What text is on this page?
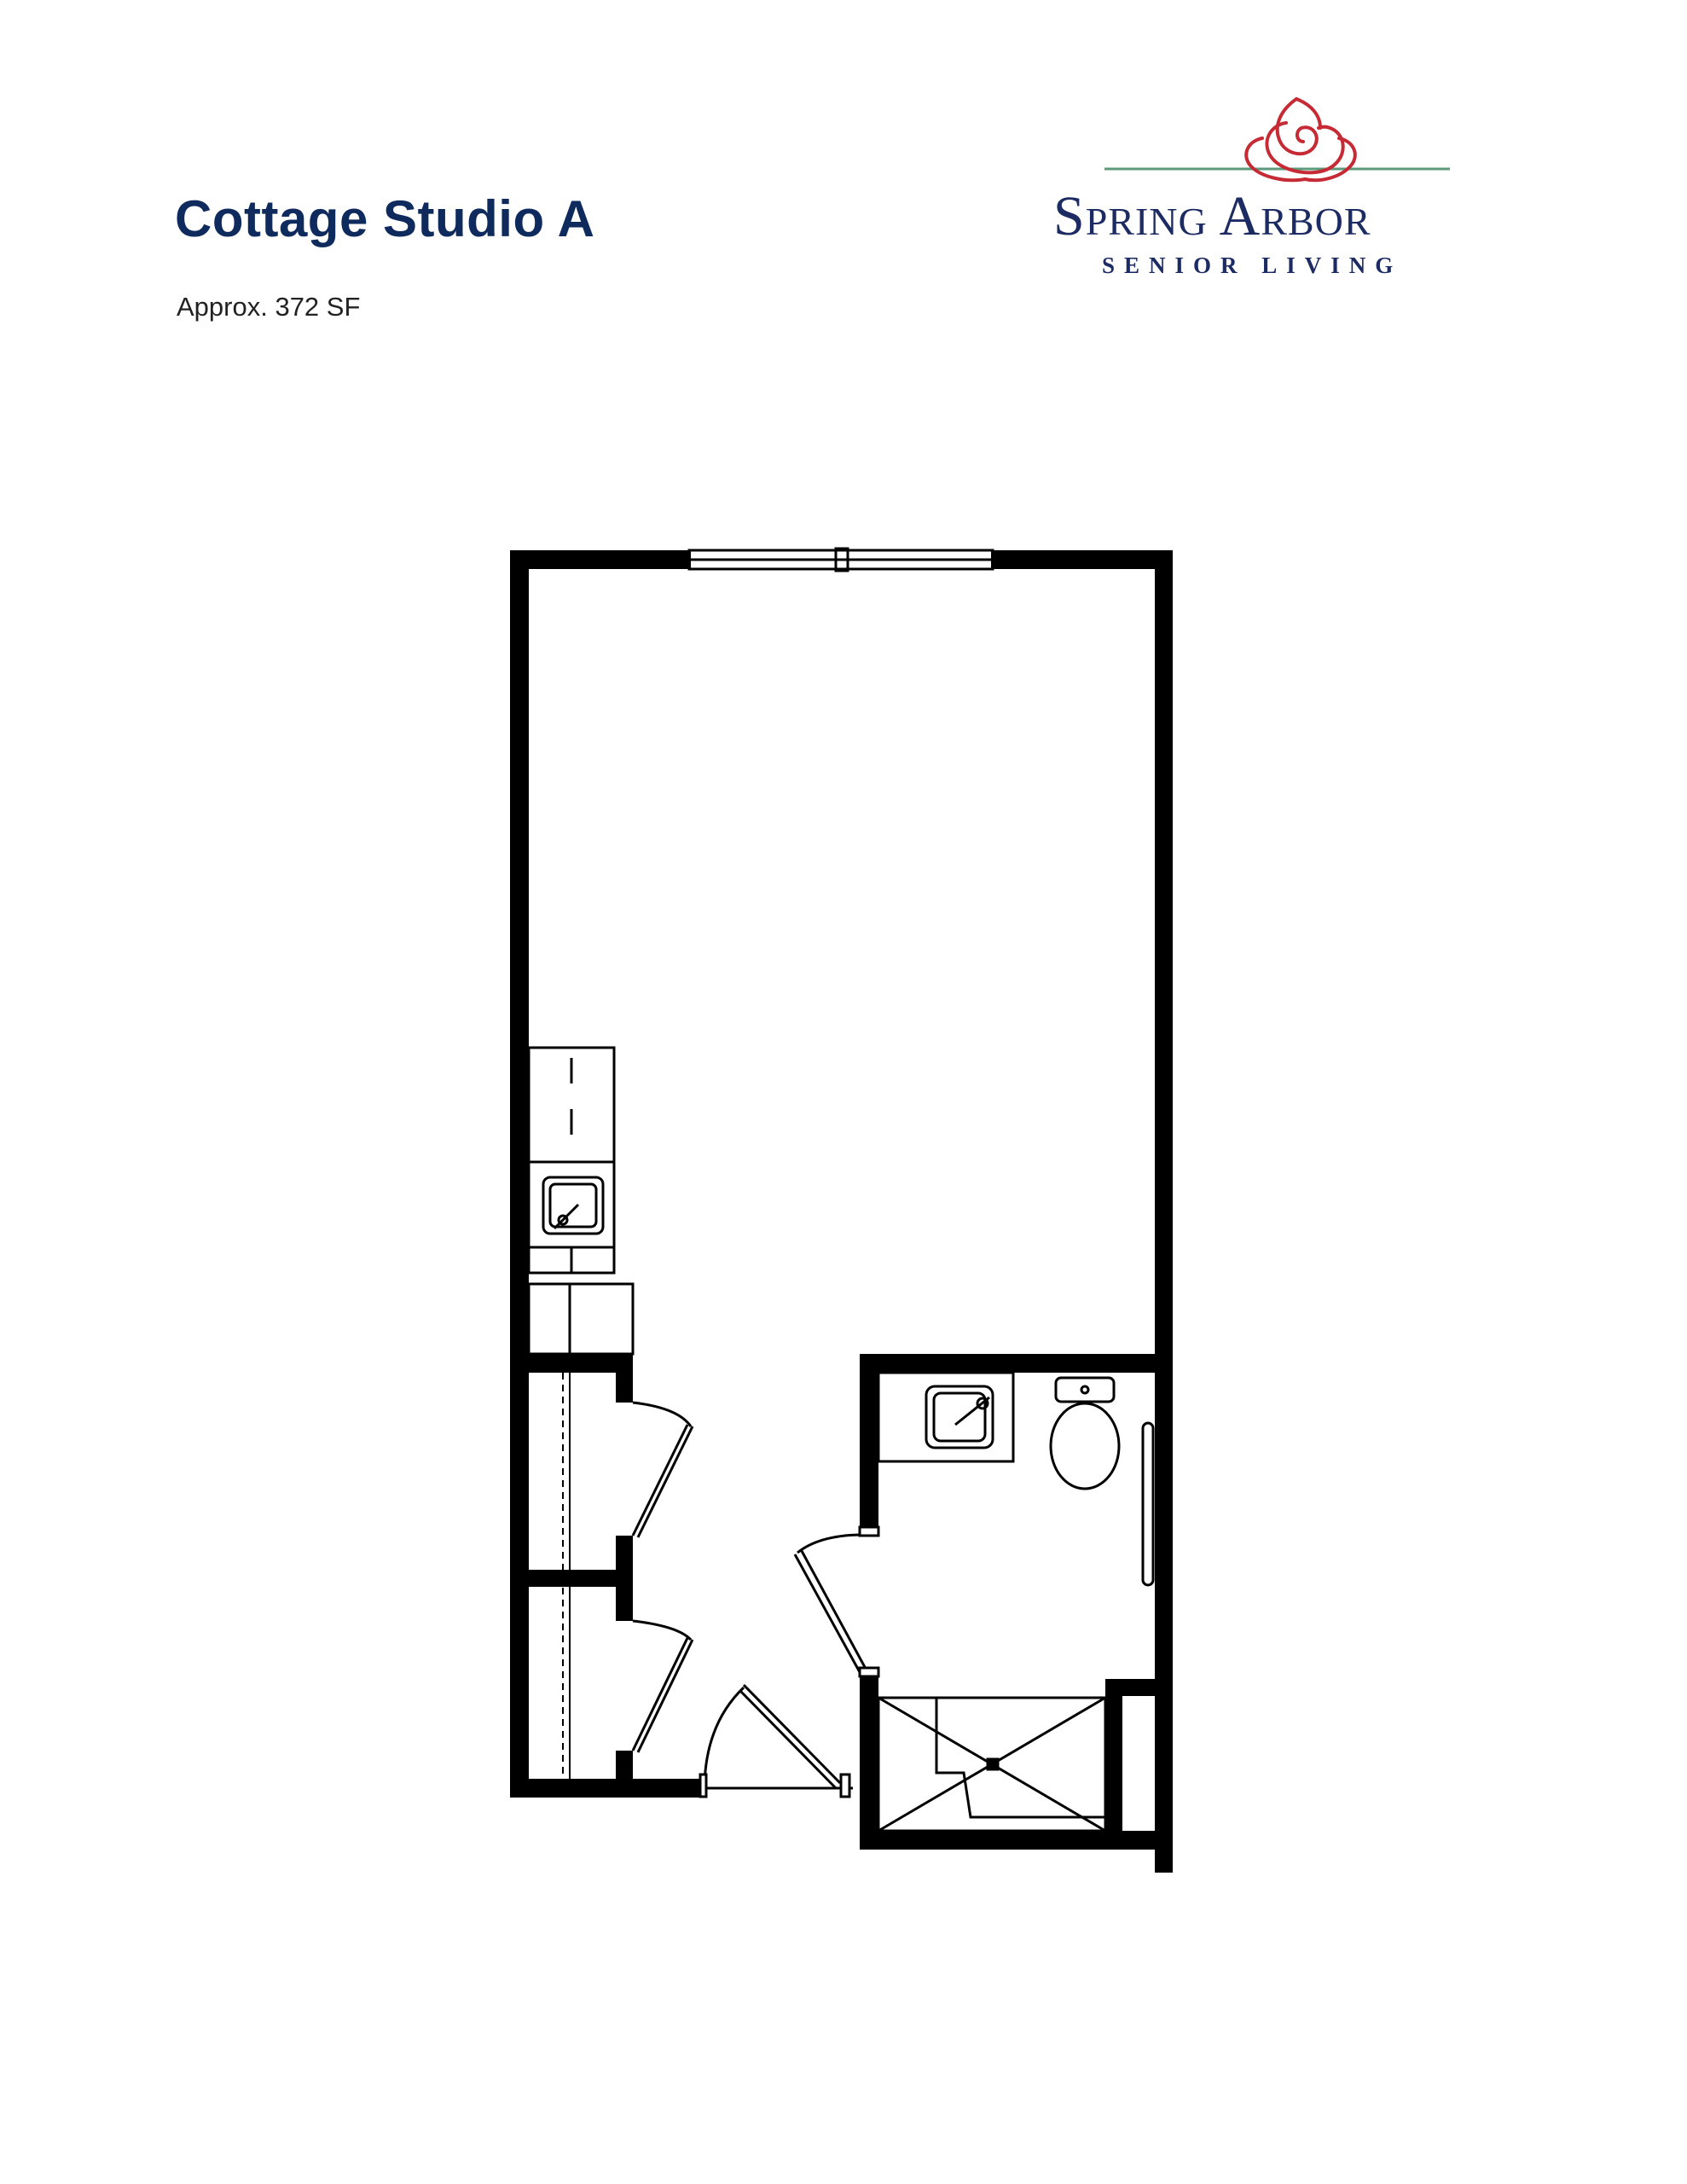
Cottage Studio A
Approx. 372 SF
Spring Arbor
SENIOR LIVING
